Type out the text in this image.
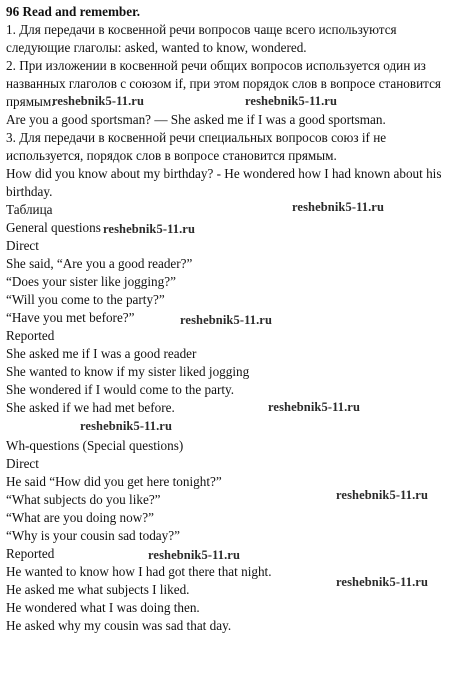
96 Read and remember.
1. Для передачи в косвенной речи вопросов чаще всего используются
следующие глаголы: asked, wanted to know, wondered.
2. При изложении в косвенной речи общих вопросов используется один из
названных глаголов с союзом if, при этом порядок слов в вопросе становится
прямым.
Are you a good sportsman? — She asked me if I was a good sportsman.
3. Для передачи в косвенной речи специальных вопросов союз if не
используется, порядок слов в вопросе становится прямым.
How did you know about my birthday? - He wondered how I had known about his
birthday.
Таблица
General questions
Direct
She said, “Are you a good reader?”
“Does your sister like jogging?”
“Will you come to the party?”
“Have you met before?”
Reported
She asked me if I was a good reader
She wanted to know if my sister liked jogging
She wondered if I would come to the party.
She asked if we had met before.
Wh-questions (Special questions)
Direct
He said “How did you get here tonight?”
“What subjects do you like?”
“What are you doing now?”
“Why is your cousin sad today?”
Reported
He wanted to know how I had got there that night.
He asked me what subjects I liked.
He wondered what I was doing then.
He asked why my cousin was sad that day.
reshebnik5-11.ru	reshebnik5-11.ru
reshebnik5-11.ru
reshebnik5-11.ru
reshebnik5-11.ru
reshebnik5-11.ru
reshebnik5-11.ru
reshebnik5-11.ru
reshebnik5-11.ru
reshebnik5-11.ru
